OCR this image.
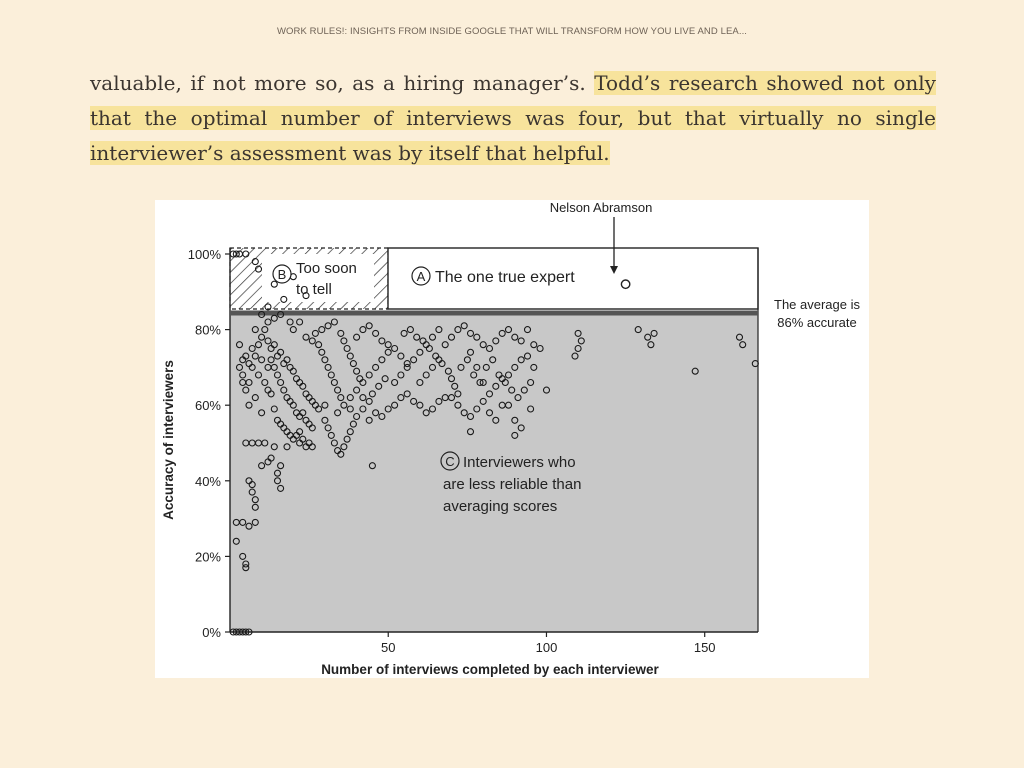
WORK RULES!: INSIGHTS FROM INSIDE GOOGLE THAT WILL TRANSFORM HOW YOU LIVE AND LEA...
valuable, if not more so, as a hiring manager’s. Todd’s research showed not only that the optimal number of interviews was four, but that virtually no single interviewer’s assessment was by itself that helpful.
0%
20%
40%
60%
80%
100%
50	100	150
Nelson Abramson
B Too soon
to tell
A The one true expert
The average is
86% accurate
C Interviewers who
are less reliable than
averaging scores
Number of interviews completed by each interviewer
Accuracy of interviewers
